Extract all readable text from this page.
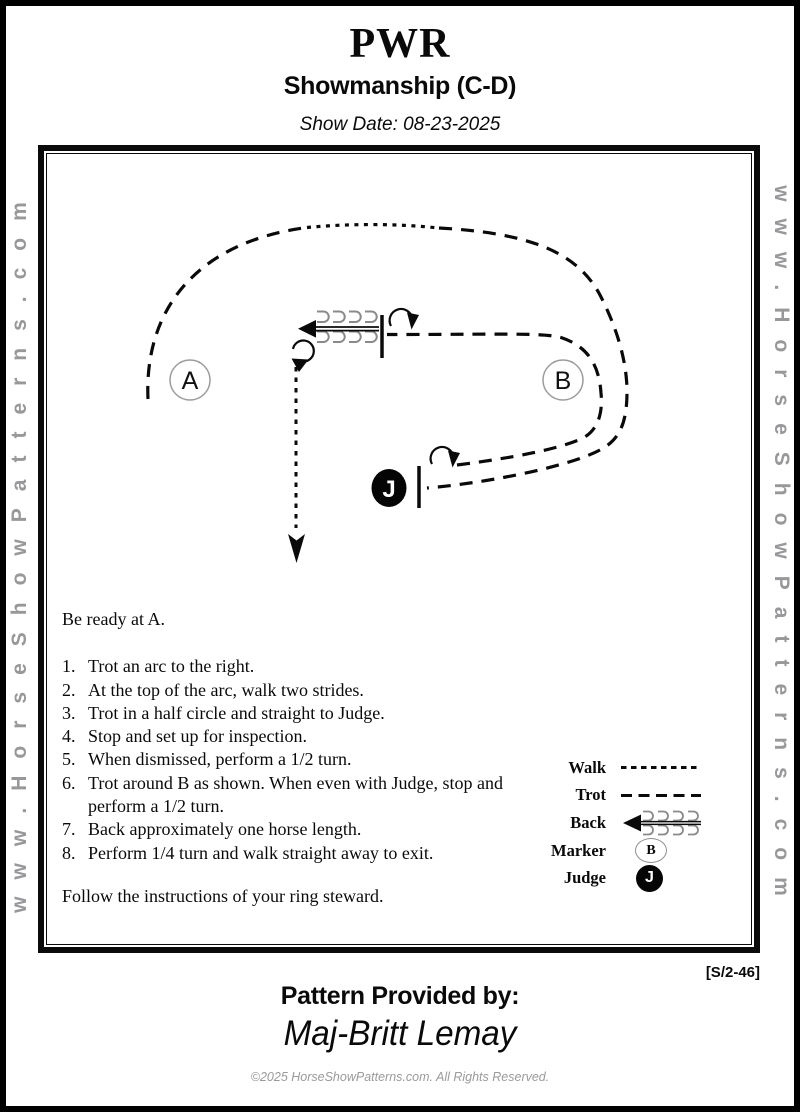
PWR
Showmanship (C-D)
Show Date: 08-23-2025
www.HorseShowPatterns.com	www.HorseShowPatterns.com
A	B
J

Be ready at A.

1. Trot an arc to the right.
2. At the top of the arc, walk two strides.
3. Trot in a half circle and straight to Judge.
4. Stop and set up for inspection.
5. When dismissed, perform a 1/2 turn.
6. Trot around B as shown. When even with Judge, stop and perform a 1/2 turn.
7. Back approximately one horse length.
8. Perform 1/4 turn and walk straight away to exit.

Follow the instructions of your ring steward.

Walk
Trot
Back
Marker	B
Judge	J
[S/2-46]
Pattern Provided by:
Maj-Britt Lemay
©2025 HorseShowPatterns.com. All Rights Reserved.
